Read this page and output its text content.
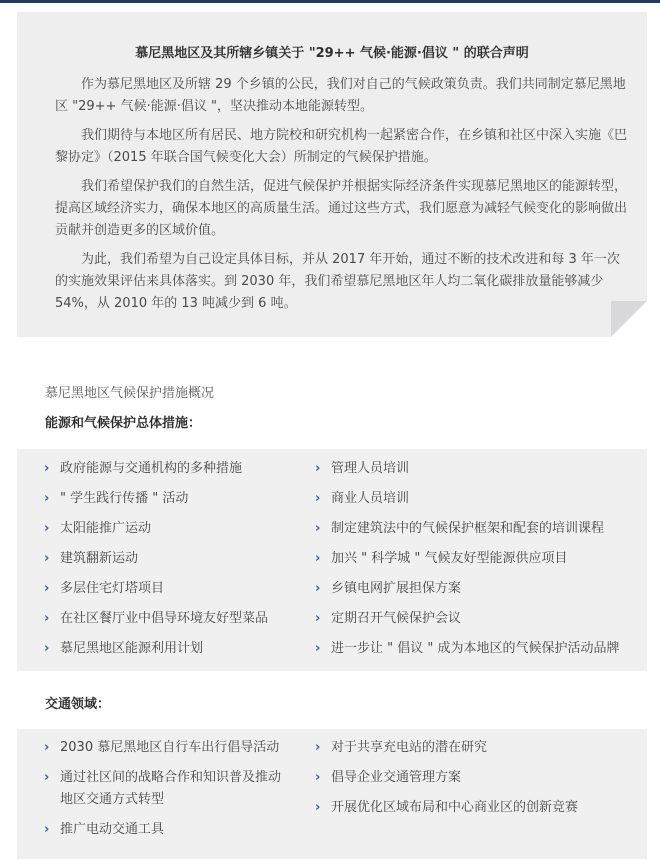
慕尼黑地区及其所辖乡镇关于 "29++ 气候·能源·倡议 " 的联合声明

作为慕尼黑地区及所辖 29 个乡镇的公民，我们对自己的气候政策负责。我们共同制定慕尼黑地区 "29++ 气候·能源·倡议 "，坚决推动本地能源转型。

我们期待与本地区所有居民、地方院校和研究机构一起紧密合作，在乡镇和社区中深入实施《巴黎协定》（2015 年联合国气候变化大会）所制定的气候保护措施。

我们希望保护我们的自然生活，促进气候保护并根据实际经济条件实现慕尼黑地区的能源转型，提高区域经济实力，确保本地区的高质量生活。通过这些方式，我们愿意为减轻气候变化的影响做出贡献并创造更多的区域价值。

为此，我们希望为自己设定具体目标，并从 2017 年开始，通过不断的技术改进和每 3 年一次的实施效果评估来具体落实。到 2030 年，我们希望慕尼黑地区年人均二氧化碳排放量能够减少 54%，从 2010 年的 13 吨减少到 6 吨。

慕尼黑地区气候保护措施概况
能源和气候保护总体措施：
› 政府能源与交通机构的多种措施
› " 学生践行传播 " 活动
› 太阳能推广运动
› 建筑翻新运动
› 多层住宅灯塔项目
› 在社区餐厅业中倡导环境友好型菜品
› 慕尼黑地区能源利用计划
› 管理人员培训
› 商业人员培训
› 制定建筑法中的气候保护框架和配套的培训课程
› 加兴 " 科学城 " 气候友好型能源供应项目
› 乡镇电网扩展担保方案
› 定期召开气候保护会议
› 进一步让 " 倡议 " 成为本地区的气候保护活动品牌
交通领域：
› 2030 慕尼黑地区自行车出行倡导活动
› 通过社区间的战略合作和知识普及推动地区交通方式转型
› 推广电动交通工具
› 对于共享充电站的潜在研究
› 倡导企业交通管理方案
› 开展优化区域布局和中心商业区的创新竞赛
